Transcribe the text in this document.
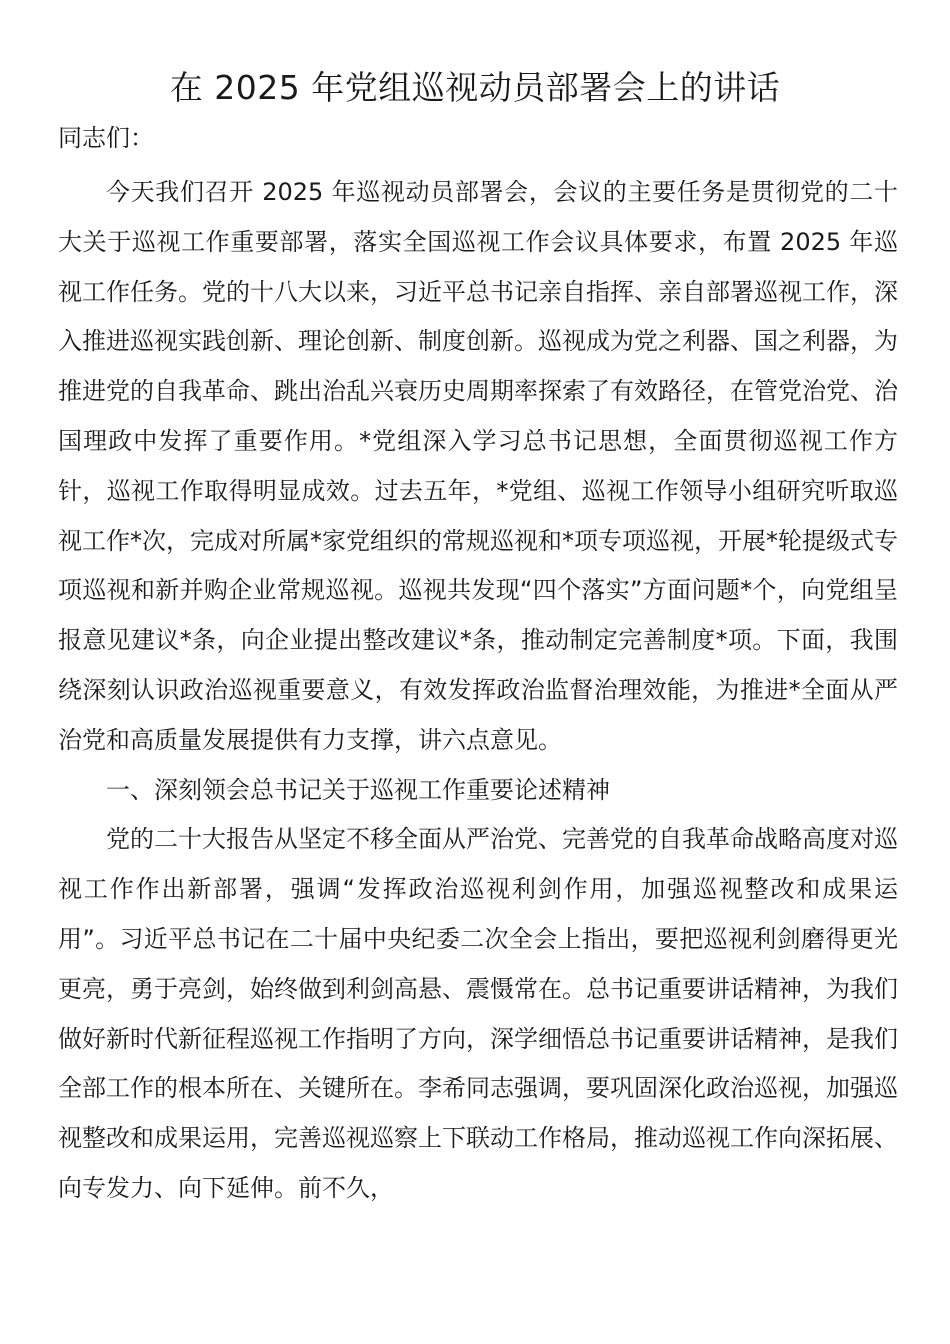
在 2025 年党组巡视动员部署会上的讲话

同志们：

今天我们召开 2025 年巡视动员部署会，会议的主要任务是贯彻党的二十大关于巡视工作重要部署，落实全国巡视工作会议具体要求，布置 2025 年巡视工作任务。党的十八大以来，习近平总书记亲自指挥、亲自部署巡视工作，深入推进巡视实践创新、理论创新、制度创新。巡视成为党之利器、国之利器，为推进党的自我革命、跳出治乱兴衰历史周期率探索了有效路径，在管党治党、治国理政中发挥了重要作用。*党组深入学习总书记思想，全面贯彻巡视工作方针，巡视工作取得明显成效。过去五年，*党组、巡视工作领导小组研究听取巡视工作*次，完成对所属*家党组织的常规巡视和*项专项巡视，开展*轮提级式专项巡视和新并购企业常规巡视。巡视共发现“四个落实”方面问题*个，向党组呈报意见建议*条，向企业提出整改建议*条，推动制定完善制度*项。下面，我围绕深刻认识政治巡视重要意义，有效发挥政治监督治理效能，为推进*全面从严治党和高质量发展提供有力支撑，讲六点意见。

一、深刻领会总书记关于巡视工作重要论述精神

党的二十大报告从坚定不移全面从严治党、完善党的自我革命战略高度对巡视工作作出新部署，强调“发挥政治巡视利剑作用，加强巡视整改和成果运用”。习近平总书记在二十届中央纪委二次全会上指出，要把巡视利剑磨得更光更亮，勇于亮剑，始终做到利剑高悬、震慑常在。总书记重要讲话精神，为我们做好新时代新征程巡视工作指明了方向，深学细悟总书记重要讲话精神，是我们全部工作的根本所在、关键所在。李希同志强调，要巩固深化政治巡视，加强巡视整改和成果运用，完善巡视巡察上下联动工作格局，推动巡视工作向深拓展、向专发力、向下延伸。前不久，
